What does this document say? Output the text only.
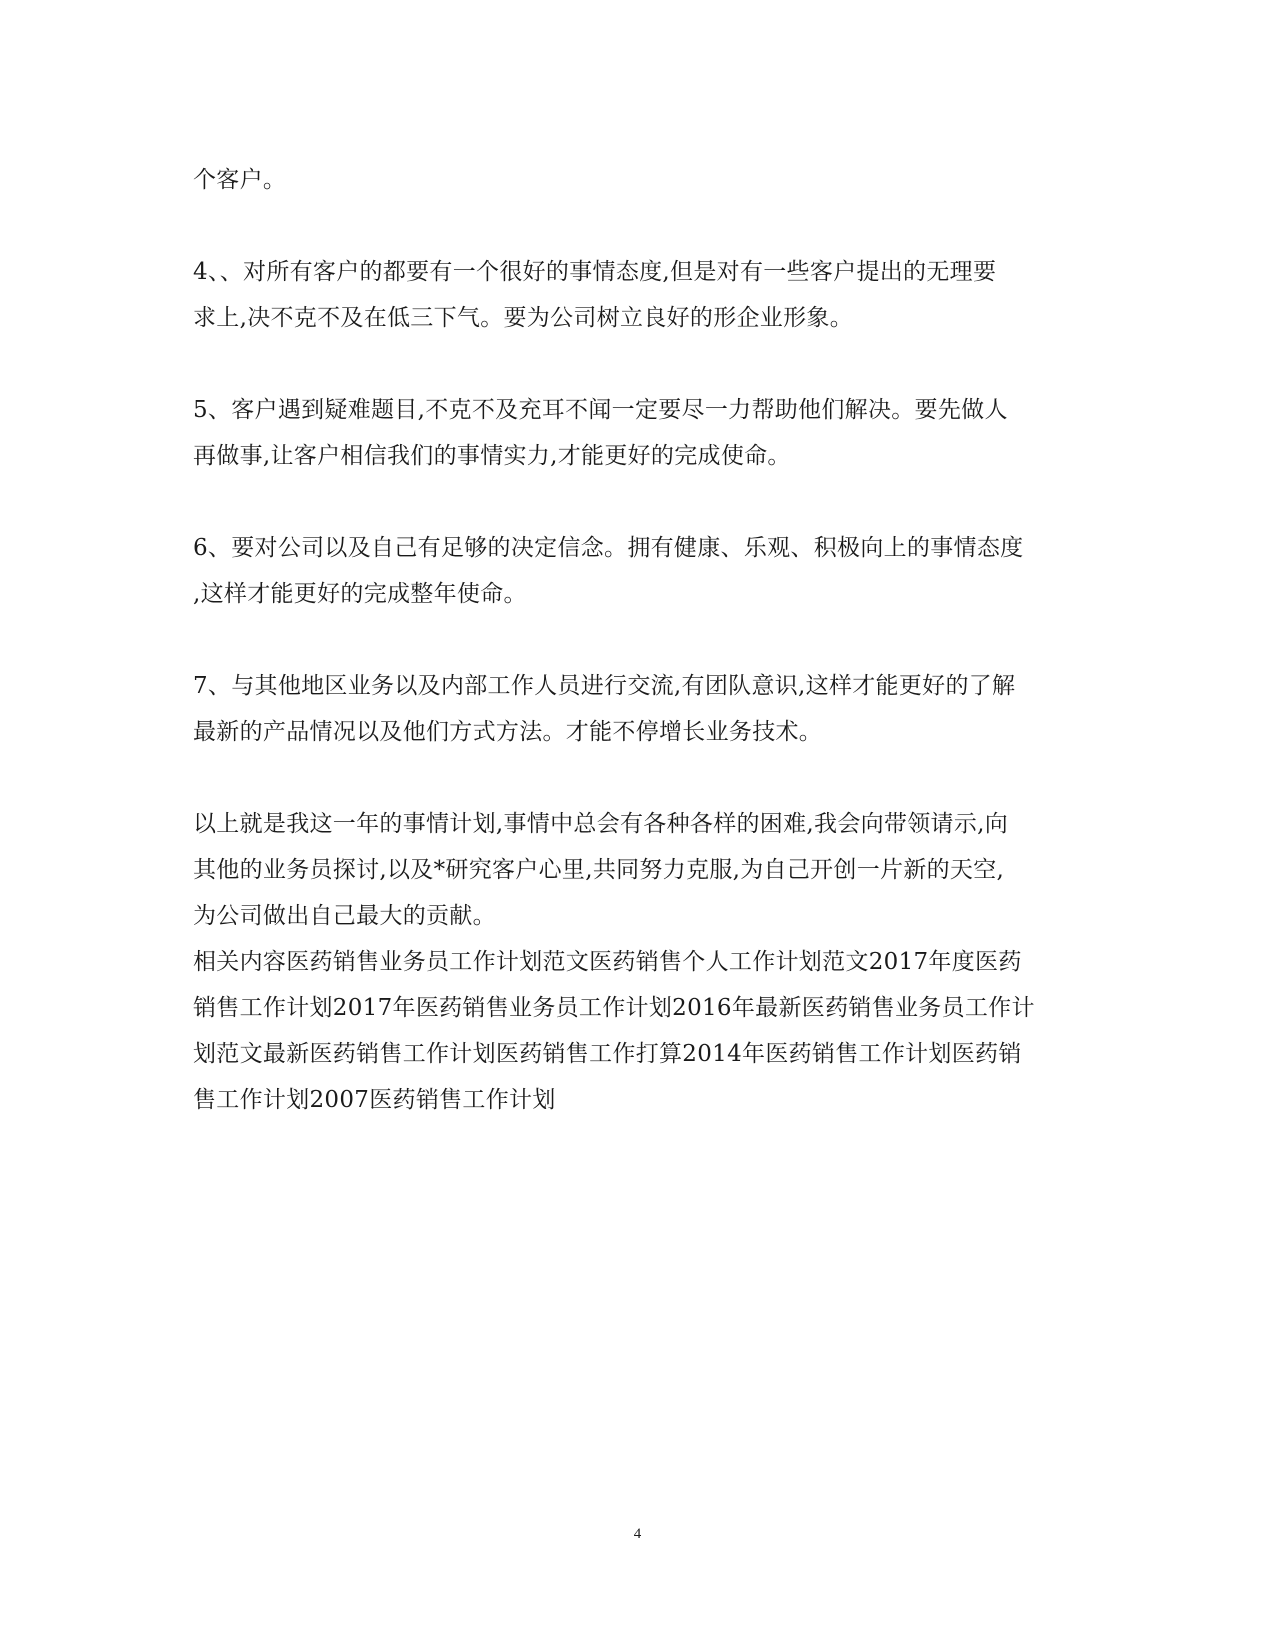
个客户。
4、、对所有客户的都要有一个很好的事情态度,但是对有一些客户提出的无理要
求上,决不克不及在低三下气。要为公司树立良好的形企业形象。
5、客户遇到疑难题目,不克不及充耳不闻一定要尽一力帮助他们解决。要先做人
再做事,让客户相信我们的事情实力,才能更好的完成使命。
6、要对公司以及自己有足够的决定信念。拥有健康、乐观、积极向上的事情态度
,这样才能更好的完成整年使命。
7、与其他地区业务以及内部工作人员进行交流,有团队意识,这样才能更好的了解
最新的产品情况以及他们方式方法。才能不停增长业务技术。
以上就是我这一年的事情计划,事情中总会有各种各样的困难,我会向带领请示,向
其他的业务员探讨,以及*研究客户心里,共同努力克服,为自己开创一片新的天空,
为公司做出自己最大的贡献。
相关内容医药销售业务员工作计划范文医药销售个人工作计划范文2017年度医药
销售工作计划2017年医药销售业务员工作计划2016年最新医药销售业务员工作计
划范文最新医药销售工作计划医药销售工作打算2014年医药销售工作计划医药销
售工作计划2007医药销售工作计划
4
